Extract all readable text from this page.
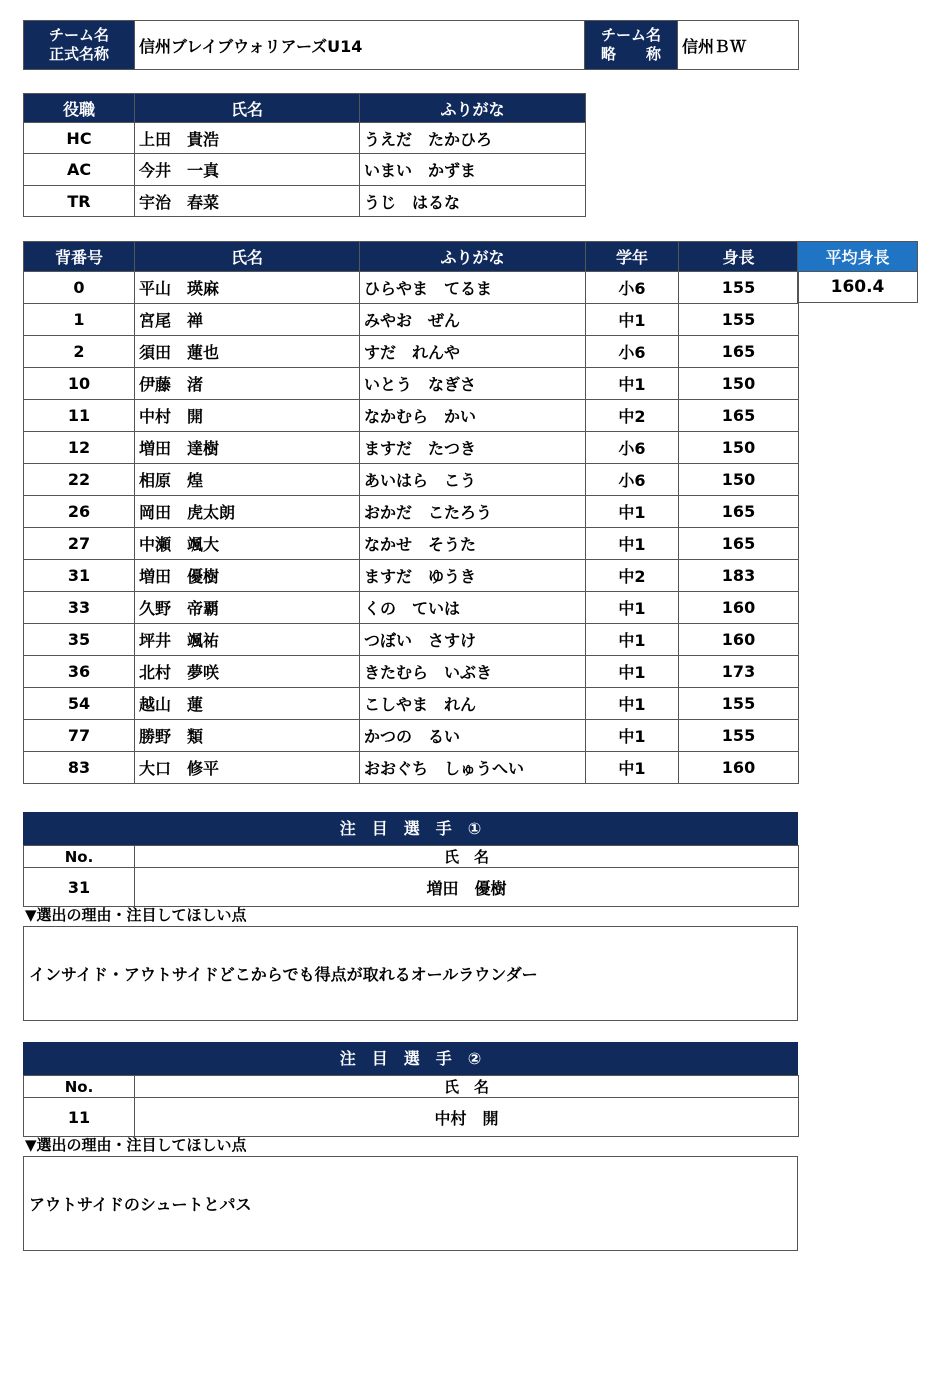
チーム名
正式名称	信州ブレイブウォリアーズU14	
チーム名
略 称	信州ＢＷ
役職	氏名	ふりがな
HC	上田　貴浩	うえだ　たかひろ
AC	今井　一真	いまい　かずま
TR	宇治　春菜	うじ　はるな
背番号	氏名	ふりがな	学年	身長
0	平山　瑛麻	ひらやま　てるま	小6	155
1	宮尾　禅	みやお　ぜん	中1	155
2	須田　蓮也	すだ　れんや	小6	165
10	伊藤　渚	いとう　なぎさ	中1	150
11	中村　開	なかむら　かい	中2	165
12	増田　達樹	ますだ　たつき	小6	150
22	相原　煌	あいはら　こう	小6	150
26	岡田　虎太朗	おかだ　こたろう	中1	165
27	中瀬　颯大	なかせ　そうた	中1	165
31	増田　優樹	ますだ　ゆうき	中2	183
33	久野　帝覇	くの　ていは	中1	160
35	坪井　颯祐	つぼい　さすけ	中1	160
36	北村　夢咲	きたむら　いぶき	中1	173
54	越山　蓮	こしやま　れん	中1	155
77	勝野　類	かつの　るい	中1	155
83	大口　修平	おおぐち　しゅうへい	中1	160
平均身長
160.4
注　目　選　手　①
No.	氏　名
31	増田　優樹
▼選出の理由・注目してほしい点
インサイド・アウトサイドどこからでも得点が取れるオールラウンダー
注　目　選　手　②
No.	氏　名
11	中村　開
▼選出の理由・注目してほしい点
アウトサイドのシュートとパス
